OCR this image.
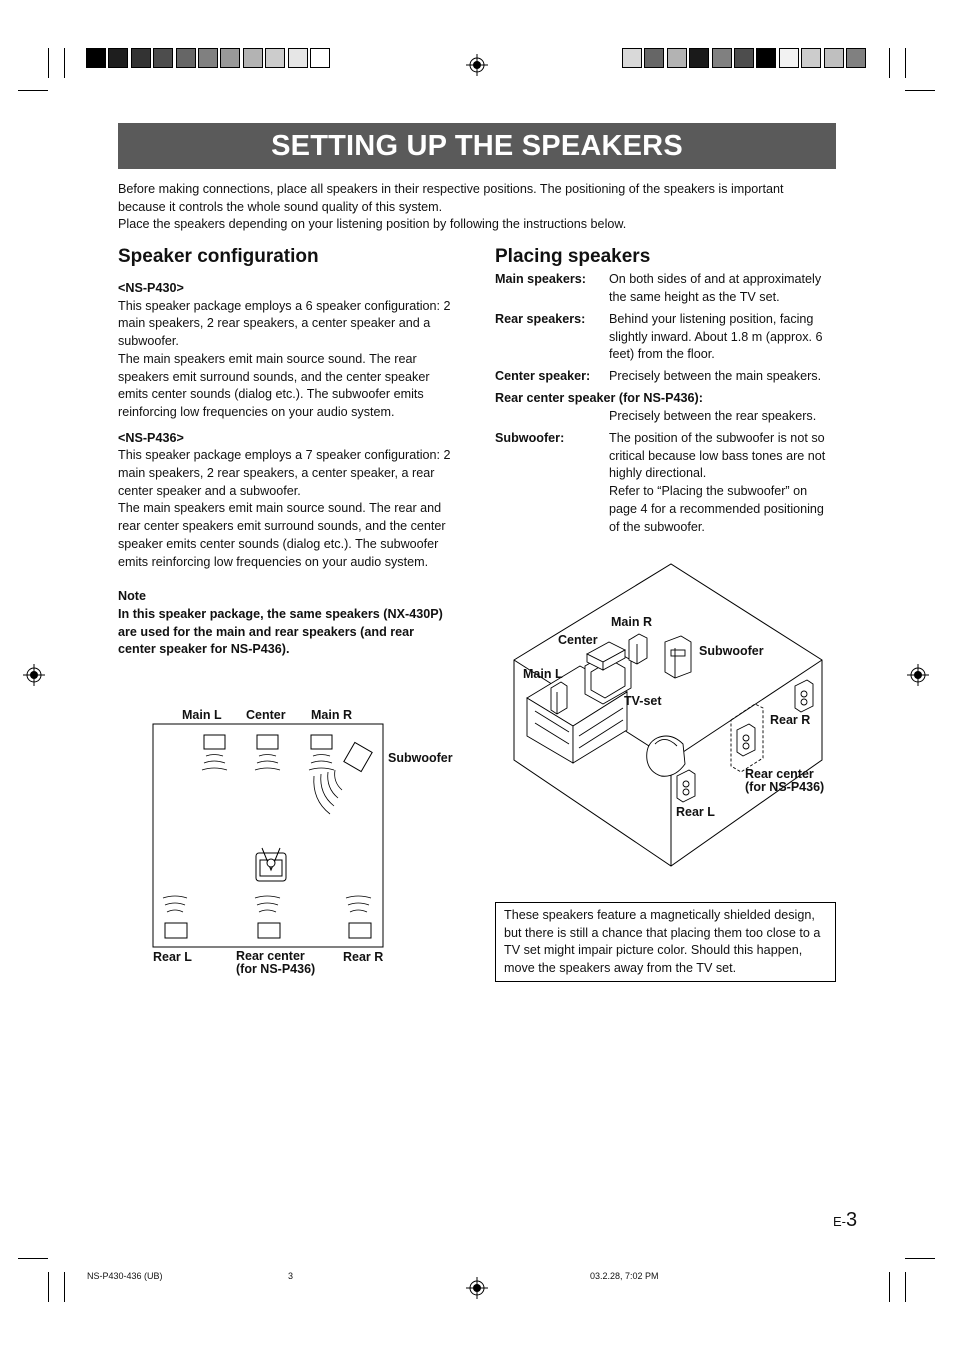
SETTING UP THE SPEAKERS
Before making connections, place all speakers in their respective positions. The positioning of the speakers is important
because it controls the whole sound quality of this system.
Place the speakers depending on your listening position by following the instructions below.
Speaker configuration
<NS-P430>
This speaker package employs a 6 speaker configuration: 2
main speakers, 2 rear speakers, a center speaker and a
subwoofer.
The main speakers emit main source sound. The rear
speakers emit surround sounds, and the center speaker
emits center sounds (dialog etc.). The subwoofer emits
reinforcing low frequencies on your audio system.
<NS-P436>
This speaker package employs a 7 speaker configuration: 2
main speakers, 2 rear speakers, a center speaker, a rear
center speaker and a subwoofer.
The main speakers emit main source sound. The rear and
rear center speakers emit surround sounds, and the center
speaker emits center sounds (dialog etc.). The subwoofer
emits reinforcing low frequencies on your audio system.
Note
In this speaker package, the same speakers (NX-430P)
are used for the main and rear speakers (and rear
center speaker for NS-P436).
Placing speakers
Main speakers: On both sides of and at approximately
the same height as the TV set.
Rear speakers: Behind your listening position, facing
slightly inward. About 1.8 m (approx. 6
feet) from the floor.
Center speaker: Precisely between the main speakers.
Rear center speaker (for NS-P436):
Precisely between the rear speakers.
Subwoofer:	The position of the subwoofer is not so
critical because low bass tones are not
highly directional.
Refer to “Placing the subwoofer” on
page 4 for a recommended positioning
of the subwoofer.
Main L Center Main R
Subwoofer
Rear L	Rear center
(for NS-P436)
Rear R
Main R
Center
Subwoofer
Main L
TV-set
Rear R
Rear center
(for NS-P436)
Rear L
These speakers feature a magnetically shielded design,
but there is still a chance that placing them too close to a
TV set might impair picture color. Should this happen,
move the speakers away from the TV set.
E-3
NS-P430-436 (UB)	3	03.2.28, 7:02 PM
